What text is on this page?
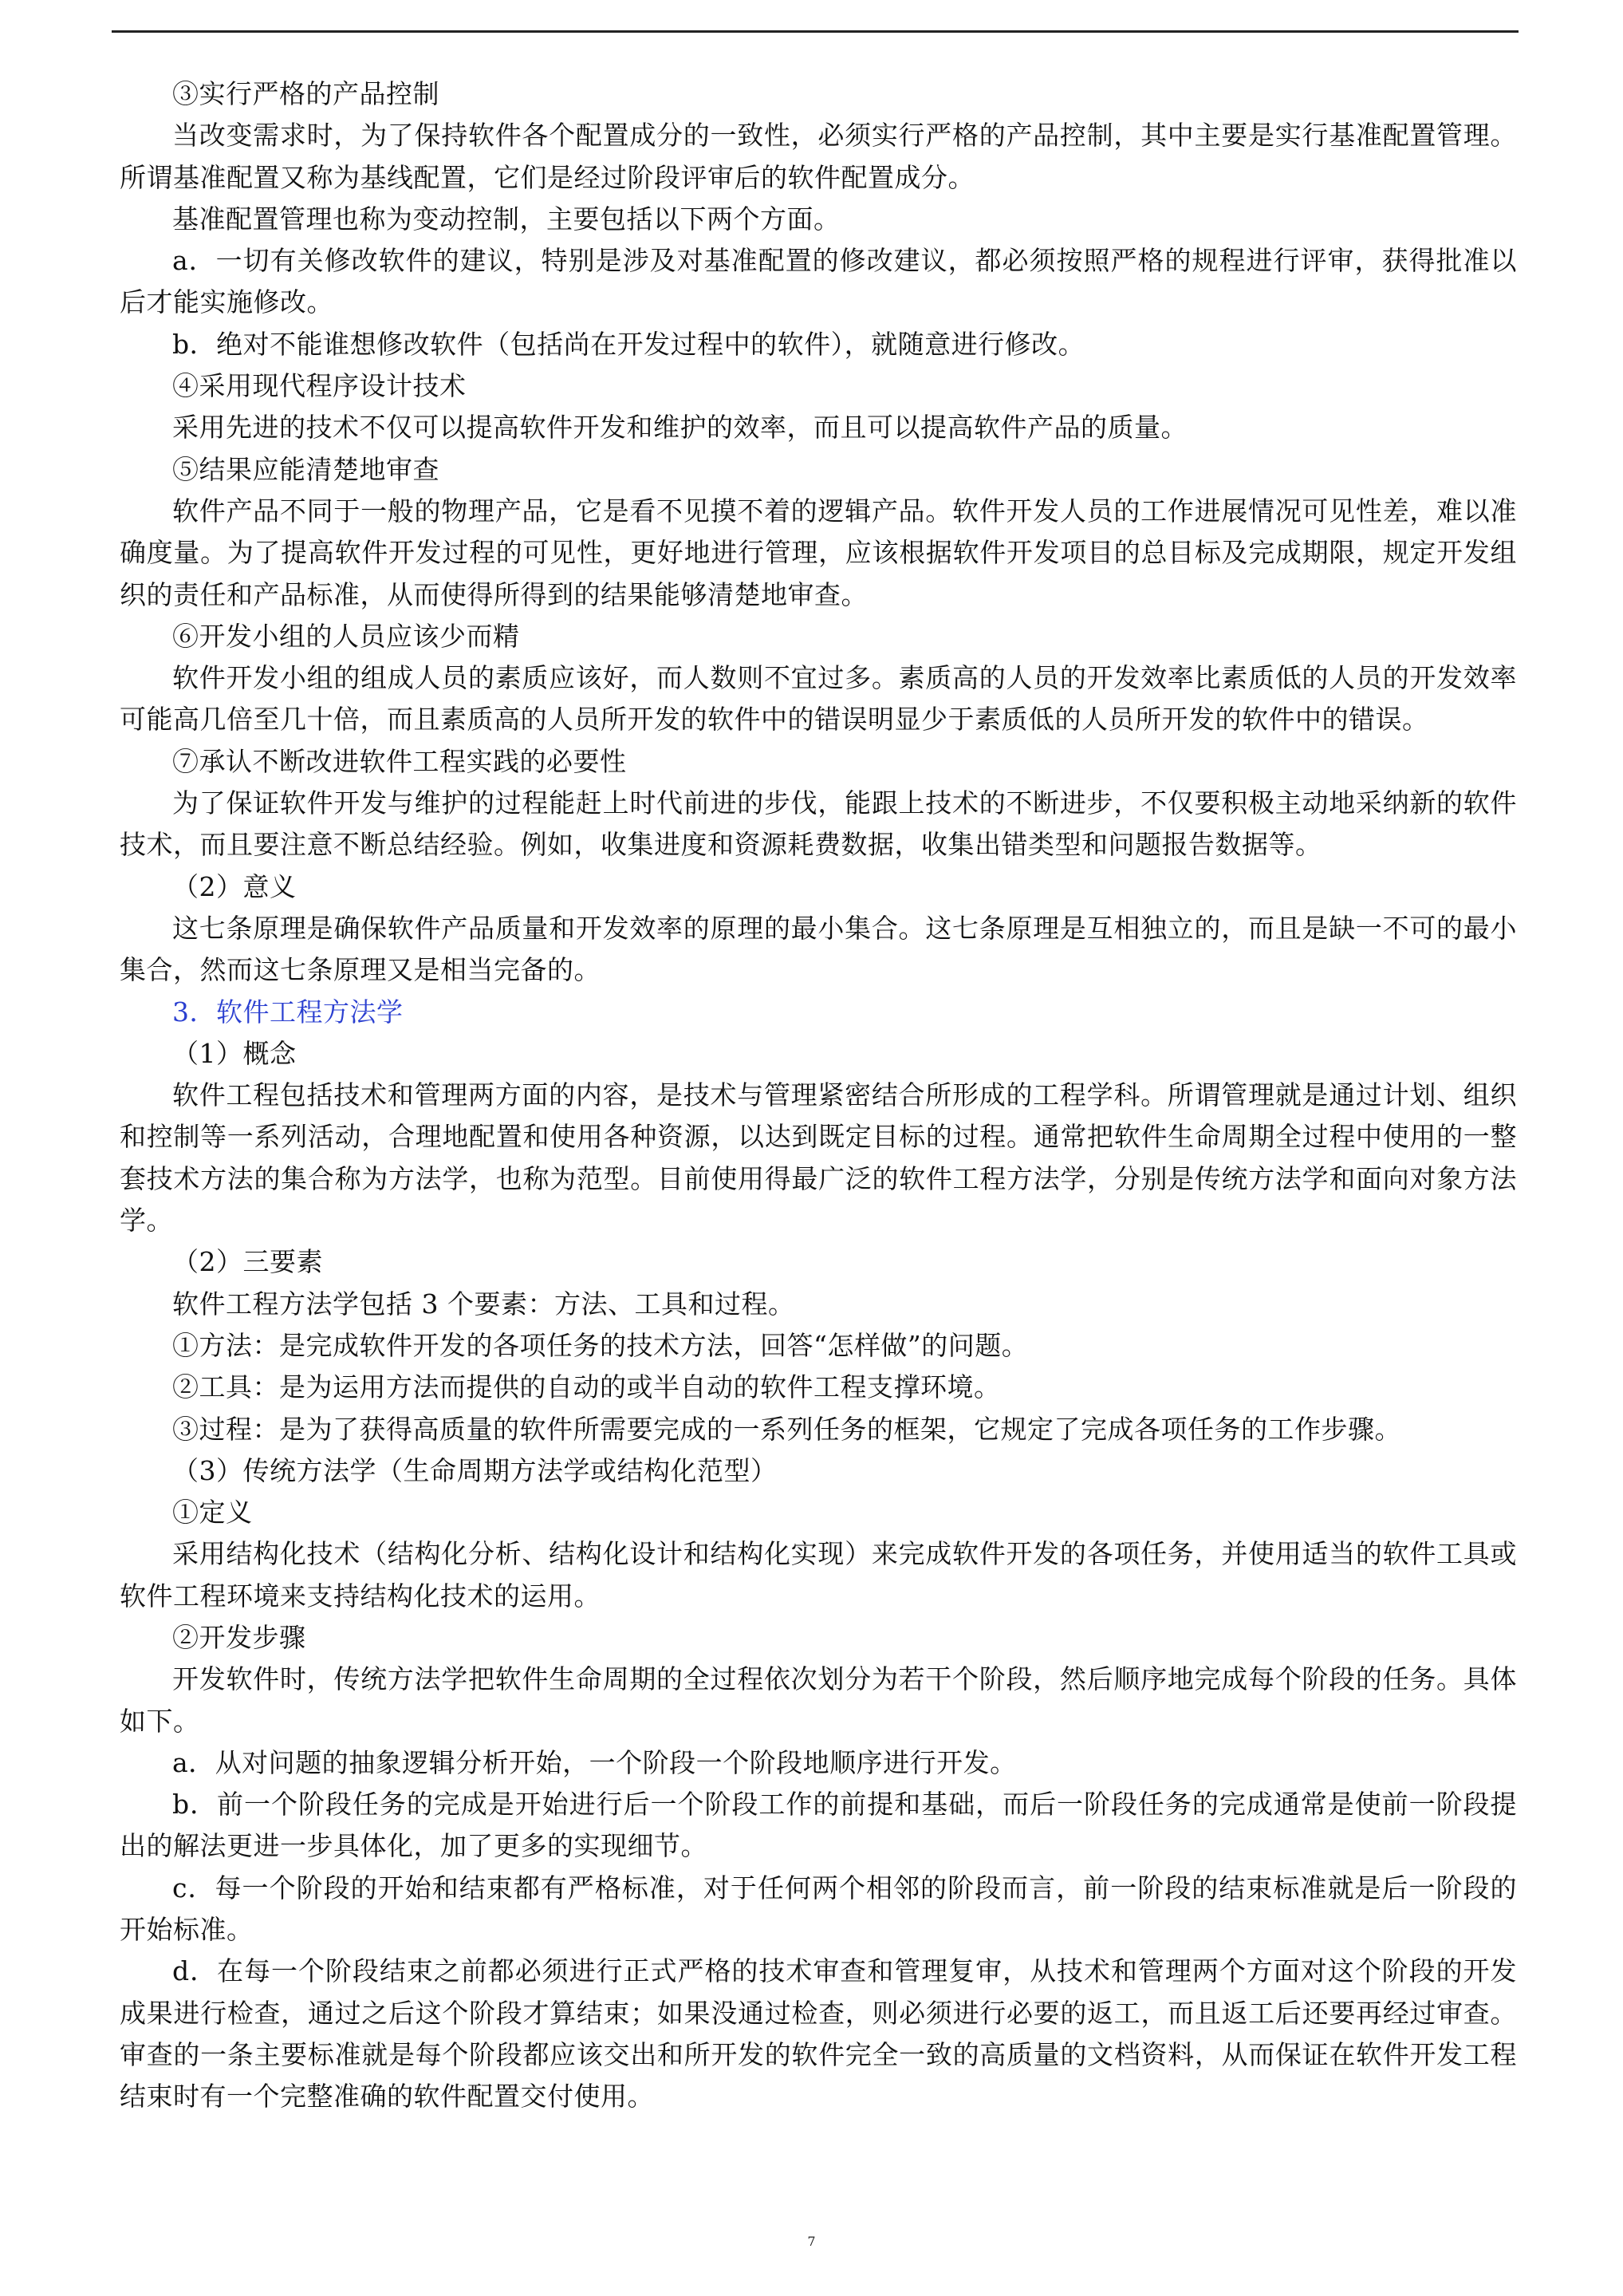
③实行严格的产品控制

当改变需求时，为了保持软件各个配置成分的一致性，必须实行严格的产品控制，其中主要是实行基准配置管理。所谓基准配置又称为基线配置，它们是经过阶段评审后的软件配置成分。

基准配置管理也称为变动控制，主要包括以下两个方面。

a．一切有关修改软件的建议，特别是涉及对基准配置的修改建议，都必须按照严格的规程进行评审，获得批准以后才能实施修改。

b．绝对不能谁想修改软件（包括尚在开发过程中的软件），就随意进行修改。

④采用现代程序设计技术

采用先进的技术不仅可以提高软件开发和维护的效率，而且可以提高软件产品的质量。

⑤结果应能清楚地审查

软件产品不同于一般的物理产品，它是看不见摸不着的逻辑产品。软件开发人员的工作进展情况可见性差，难以准确度量。为了提高软件开发过程的可见性，更好地进行管理，应该根据软件开发项目的总目标及完成期限，规定开发组织的责任和产品标准，从而使得所得到的结果能够清楚地审查。

⑥开发小组的人员应该少而精

软件开发小组的组成人员的素质应该好，而人数则不宜过多。素质高的人员的开发效率比素质低的人员的开发效率可能高几倍至几十倍，而且素质高的人员所开发的软件中的错误明显少于素质低的人员所开发的软件中的错误。

⑦承认不断改进软件工程实践的必要性

为了保证软件开发与维护的过程能赶上时代前进的步伐，能跟上技术的不断进步，不仅要积极主动地采纳新的软件技术，而且要注意不断总结经验。例如，收集进度和资源耗费数据，收集出错类型和问题报告数据等。

（2）意义

这七条原理是确保软件产品质量和开发效率的原理的最小集合。这七条原理是互相独立的，而且是缺一不可的最小集合，然而这七条原理又是相当完备的。

3．软件工程方法学

（1）概念

软件工程包括技术和管理两方面的内容，是技术与管理紧密结合所形成的工程学科。所谓管理就是通过计划、组织和控制等一系列活动，合理地配置和使用各种资源，以达到既定目标的过程。通常把软件生命周期全过程中使用的一整套技术方法的集合称为方法学，也称为范型。目前使用得最广泛的软件工程方法学，分别是传统方法学和面向对象方法学。

（2）三要素

软件工程方法学包括 3 个要素：方法、工具和过程。

①方法：是完成软件开发的各项任务的技术方法，回答“怎样做”的问题。

②工具：是为运用方法而提供的自动的或半自动的软件工程支撑环境。

③过程：是为了获得高质量的软件所需要完成的一系列任务的框架，它规定了完成各项任务的工作步骤。

（3）传统方法学（生命周期方法学或结构化范型）

①定义

采用结构化技术（结构化分析、结构化设计和结构化实现）来完成软件开发的各项任务，并使用适当的软件工具或软件工程环境来支持结构化技术的运用。

②开发步骤

开发软件时，传统方法学把软件生命周期的全过程依次划分为若干个阶段，然后顺序地完成每个阶段的任务。具体如下。

a．从对问题的抽象逻辑分析开始，一个阶段一个阶段地顺序进行开发。

b．前一个阶段任务的完成是开始进行后一个阶段工作的前提和基础，而后一阶段任务的完成通常是使前一阶段提出的解法更进一步具体化，加了更多的实现细节。

c．每一个阶段的开始和结束都有严格标准，对于任何两个相邻的阶段而言，前一阶段的结束标准就是后一阶段的开始标准。

d．在每一个阶段结束之前都必须进行正式严格的技术审查和管理复审，从技术和管理两个方面对这个阶段的开发成果进行检查，通过之后这个阶段才算结束；如果没通过检查，则必须进行必要的返工，而且返工后还要再经过审查。审查的一条主要标准就是每个阶段都应该交出和所开发的软件完全一致的高质量的文档资料，从而保证在软件开发工程结束时有一个完整准确的软件配置交付使用。

7
